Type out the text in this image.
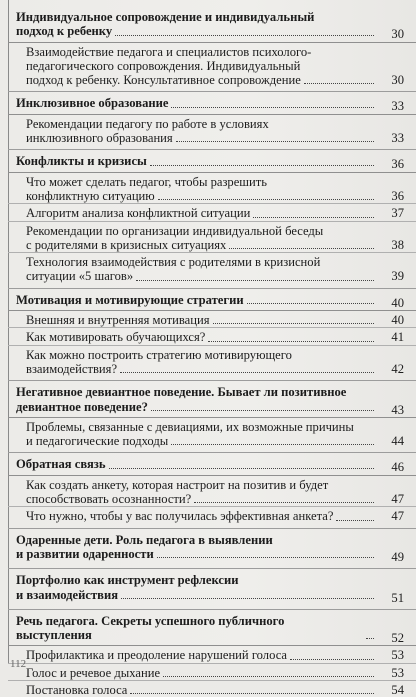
Индивидуальное сопровождение и индивидуальный
подход к ребенку	30
Взаимодействие педагога и специалистов психолого-
педагогического сопровождения. Индивидуальный
подход к ребенку. Консультативное сопровождение	30
Инклюзивное образование	33
Рекомендации педагогу по работе в условиях
инклюзивного образования	33
Конфликты и кризисы	36
Что может сделать педагог, чтобы разрешить
конфликтную ситуацию	36
Алгоритм анализа конфликтной ситуации	37
Рекомендации по организации индивидуальной беседы
с родителями в кризисных ситуациях	38
Технология взаимодействия с родителями в кризисной
ситуации «5 шагов»	39
Мотивация и мотивирующие стратегии	40
Внешняя и внутренняя мотивация	40
Как мотивировать обучающихся?	41
Как можно построить стратегию мотивирующего
взаимодействия?	42
Негативное девиантное поведение. Бывает ли позитивное
девиантное поведение?	43
Проблемы, связанные с девиациями, их возможные причины
и педагогические подходы	44
Обратная связь	46
Как создать анкету, которая настроит на позитив и будет
способствовать осознанности?	47
Что нужно, чтобы у вас получилась эффективная анкета?	47
Одаренные дети. Роль педагога в выявлении
и развитии одаренности	49
Портфолио как инструмент рефлексии
и взаимодействия	51
Речь педагога. Секреты успешного публичного выступления	52
Профилактика и преодоление нарушений голоса	53
Голос и речевое дыхание	53
Постановка голоса	54
112
